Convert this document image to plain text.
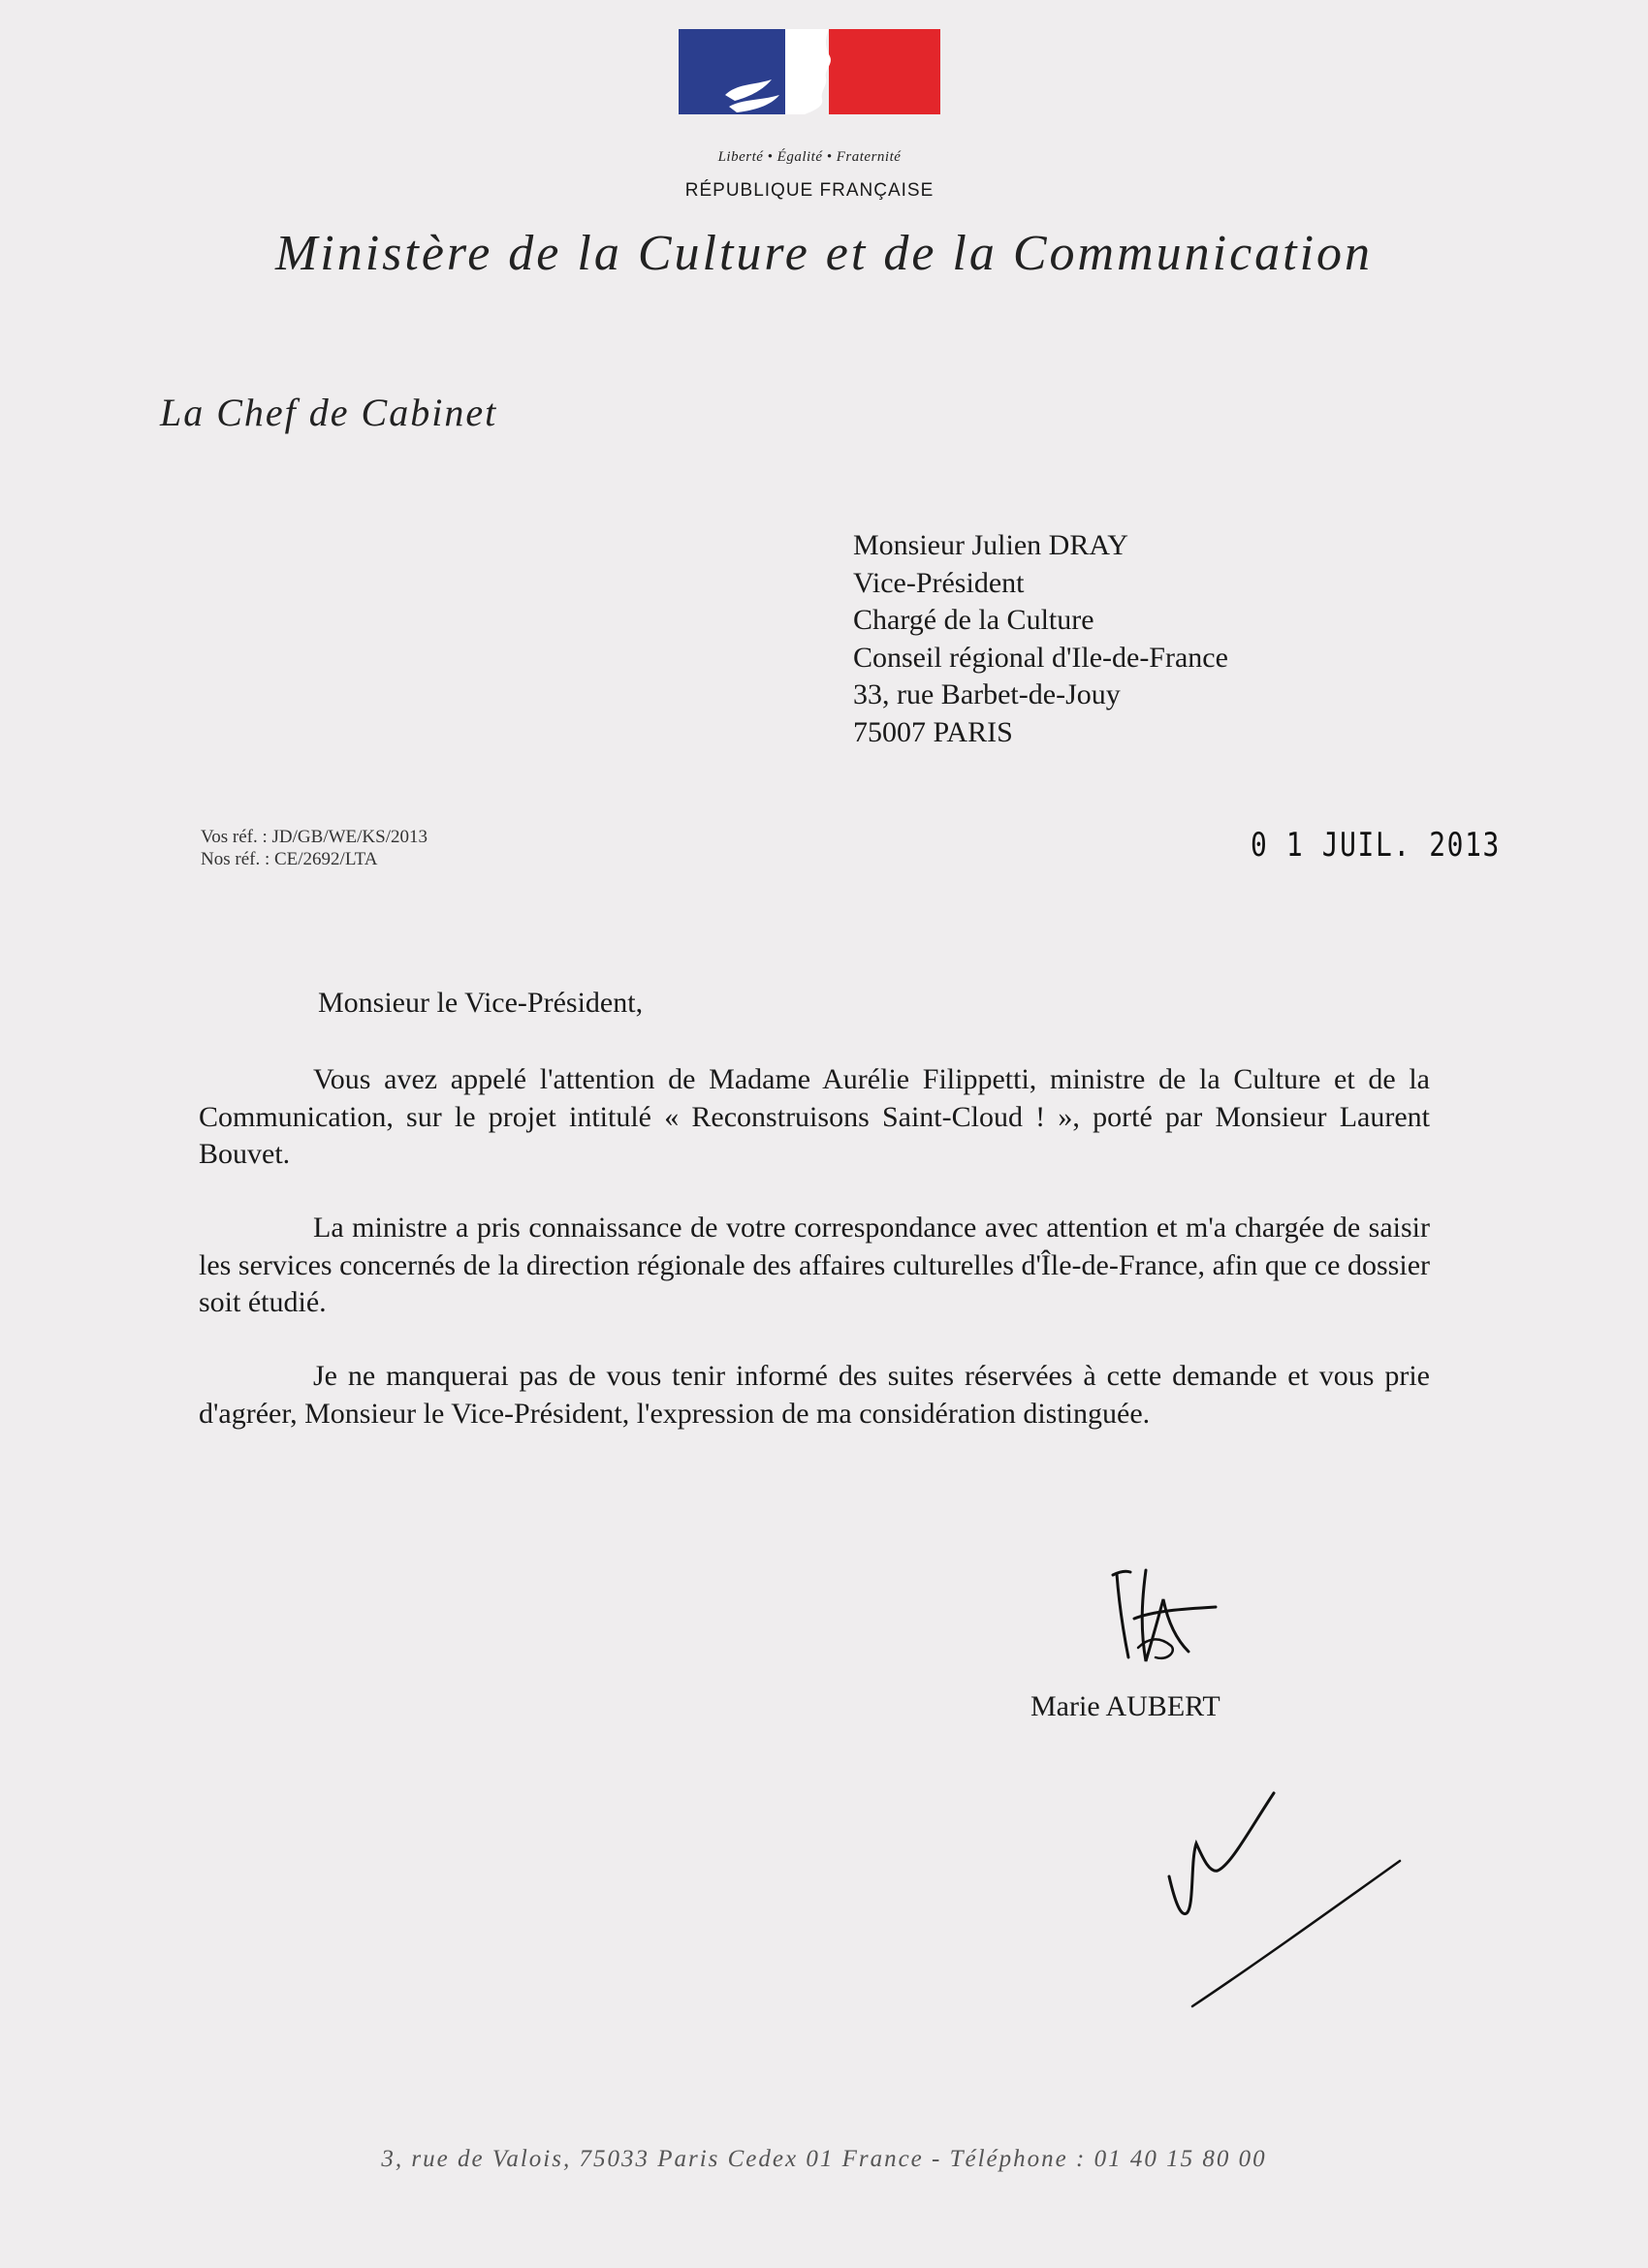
Liberté • Égalité • Fraternité
RÉPUBLIQUE FRANÇAISE
Ministère de la Culture et de la Communication
La Chef de Cabinet
Monsieur Julien DRAY
Vice-Président
Chargé de la Culture
Conseil régional d'Ile-de-France
33, rue Barbet-de-Jouy
75007 PARIS
Vos réf. : JD/GB/WE/KS/2013
Nos réf. : CE/2692/LTA	0 1 JUIL. 2013
Monsieur le Vice-Président,
Vous avez appelé l'attention de Madame Aurélie Filippetti, ministre de la Culture et de la Communication, sur le projet intitulé « Reconstruisons Saint-Cloud ! », porté par Monsieur Laurent Bouvet.
La ministre a pris connaissance de votre correspondance avec attention et m'a chargée de saisir les services concernés de la direction régionale des affaires culturelles d'Île-de-France, afin que ce dossier soit étudié.
Je ne manquerai pas de vous tenir informé des suites réservées à cette demande et vous prie d'agréer, Monsieur le Vice-Président, l'expression de ma considération distinguée.
Marie AUBERT
3, rue de Valois, 75033 Paris Cedex 01 France - Téléphone : 01 40 15 80 00
